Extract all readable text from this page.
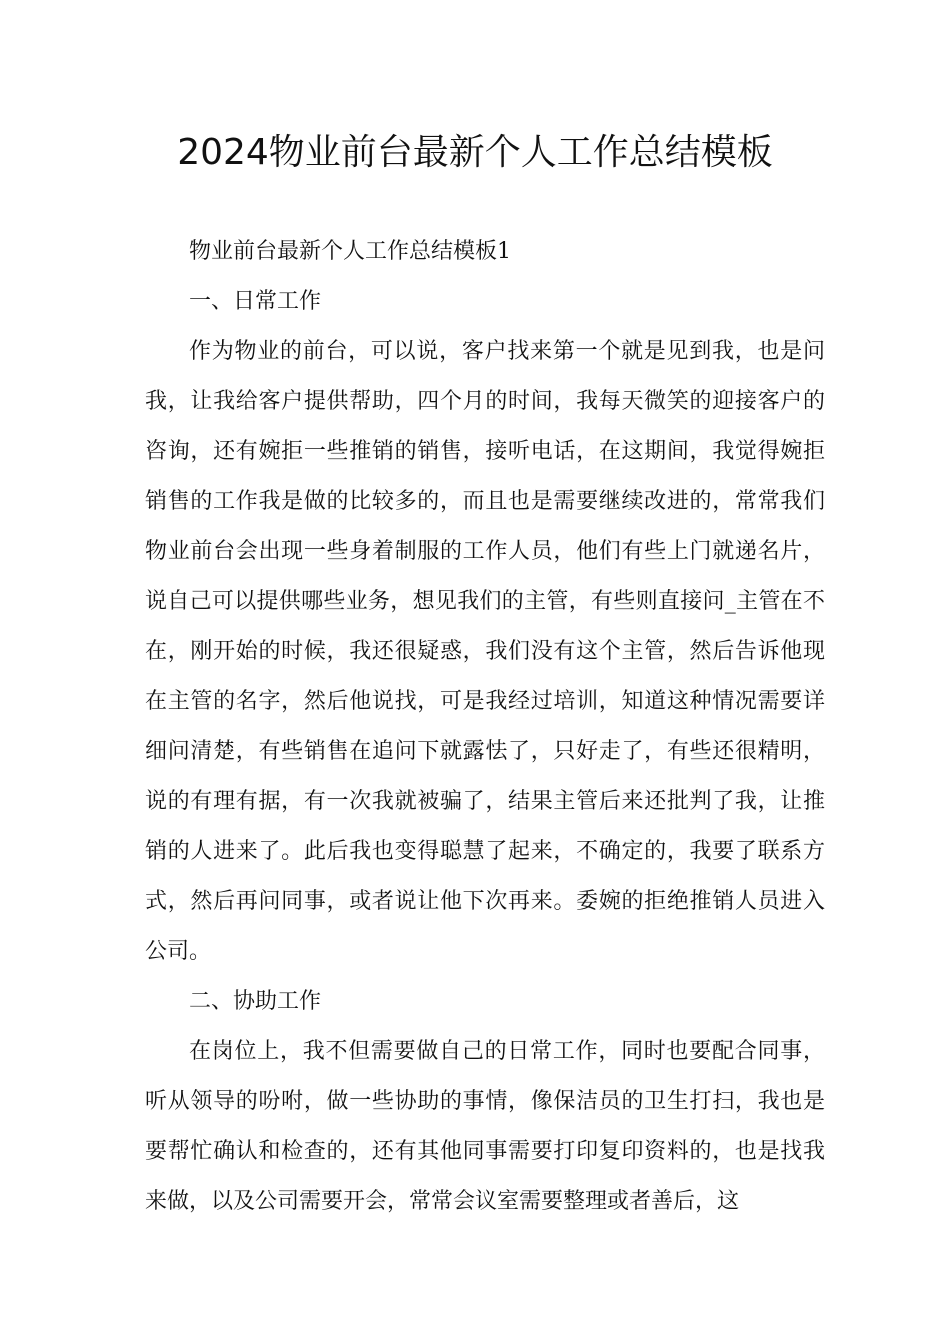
2024物业前台最新个人工作总结模板

物业前台最新个人工作总结模板1

一、日常工作

作为物业的前台，可以说，客户找来第一个就是见到我，也是问我，让我给客户提供帮助，四个月的时间，我每天微笑的迎接客户的咨询，还有婉拒一些推销的销售，接听电话，在这期间，我觉得婉拒销售的工作我是做的比较多的，而且也是需要继续改进的，常常我们物业前台会出现一些身着制服的工作人员，他们有些上门就递名片，说自己可以提供哪些业务，想见我们的主管，有些则直接问_主管在不在，刚开始的时候，我还很疑惑，我们没有这个主管，然后告诉他现在主管的名字，然后他说找，可是我经过培训，知道这种情况需要详细问清楚，有些销售在追问下就露怯了，只好走了，有些还很精明，说的有理有据，有一次我就被骗了，结果主管后来还批判了我，让推销的人进来了。此后我也变得聪慧了起来，不确定的，我要了联系方式，然后再问同事，或者说让他下次再来。委婉的拒绝推销人员进入公司。

二、协助工作

在岗位上，我不但需要做自己的日常工作，同时也要配合同事，听从领导的吩咐，做一些协助的事情，像保洁员的卫生打扫，我也是要帮忙确认和检查的，还有其他同事需要打印复印资料的，也是找我来做，以及公司需要开会，常常会议室需要整理或者善后，这
